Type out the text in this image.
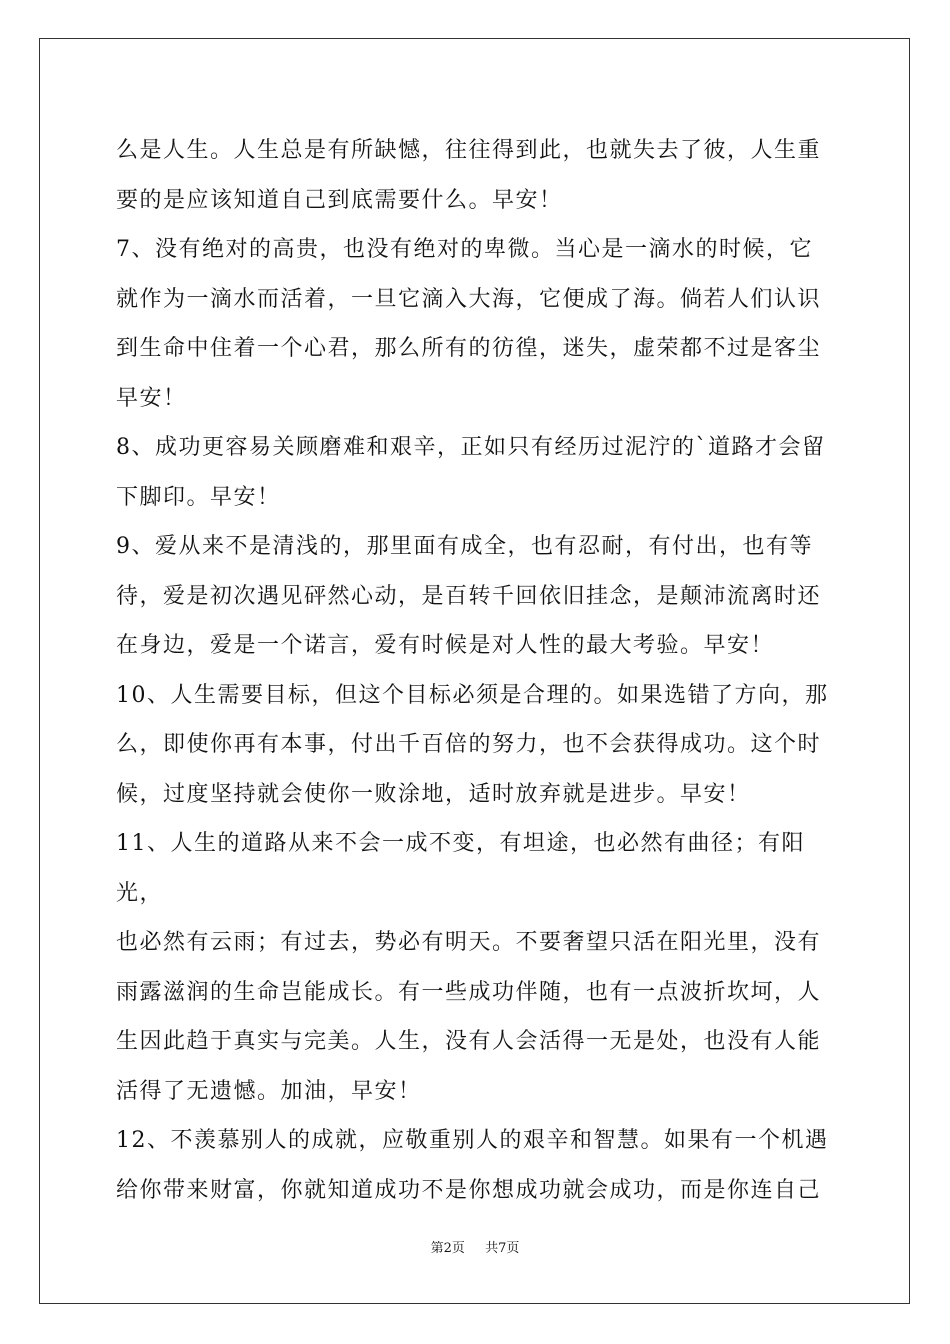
么是人生。人生总是有所缺憾，往往得到此，也就失去了彼，人生重
要的是应该知道自己到底需要什么。早安！

7、没有绝对的高贵，也没有绝对的卑微。当心是一滴水的时候，它
就作为一滴水而活着，一旦它滴入大海，它便成了海。倘若人们认识
到生命中住着一个心君，那么所有的彷徨，迷失，虚荣都不过是客尘
早安！

8、成功更容易关顾磨难和艰辛，正如只有经历过泥泞的`道路才会留
下脚印。早安！

9、爱从来不是清浅的，那里面有成全，也有忍耐，有付出，也有等
待，爱是初次遇见砰然心动，是百转千回依旧挂念，是颠沛流离时还
在身边，爱是一个诺言，爱有时候是对人性的最大考验。早安！

10、人生需要目标，但这个目标必须是合理的。如果选错了方向，那
么，即使你再有本事，付出千百倍的努力，也不会获得成功。这个时
候，过度坚持就会使你一败涂地，适时放弃就是进步。早安！

11、人生的道路从来不会一成不变，有坦途，也必然有曲径；有阳光，
也必然有云雨；有过去，势必有明天。不要奢望只活在阳光里，没有
雨露滋润的生命岂能成长。有一些成功伴随，也有一点波折坎坷，人
生因此趋于真实与完美。人生，没有人会活得一无是处，也没有人能
活得了无遗憾。加油，早安！

12、不羡慕别人的成就，应敬重别人的艰辛和智慧。如果有一个机遇
给你带来财富，你就知道成功不是你想成功就会成功，而是你连自己

第2页 共7页
